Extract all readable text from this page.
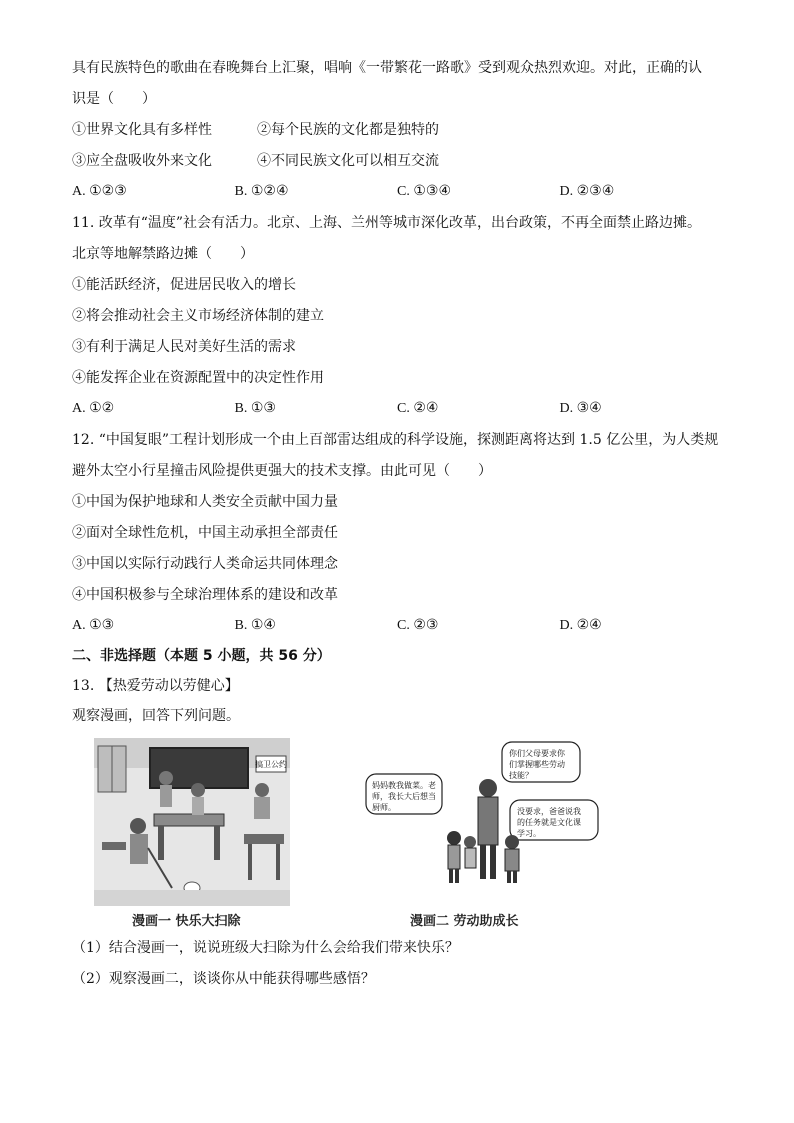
具有民族特色的歌曲在春晚舞台上汇聚，唱响《一带繁花一路歌》受到观众热烈欢迎。对此，正确的认
识是（　　）
①世界文化具有多样性	②每个民族的文化都是独特的
③应全盘吸收外来文化	④不同民族文化可以相互交流
A. ①②③	B. ①②④	C. ①③④	D. ②③④
11. 改革有“温度”社会有活力。北京、上海、兰州等城市深化改革，出台政策，不再全面禁止路边摊。
北京等地解禁路边摊（　　）
①能活跃经济，促进居民收入的增长
②将会推动社会主义市场经济体制的建立
③有利于满足人民对美好生活的需求
④能发挥企业在资源配置中的决定性作用
A. ①②	B. ①③	C. ②④	D. ③④
12. “中国复眼”工程计划形成一个由上百部雷达组成的科学设施，探测距离将达到 1.5 亿公里，为人类规
避外太空小行星撞击风险提供更强大的技术支撑。由此可见（　　）
①中国为保护地球和人类安全贡献中国力量
②面对全球性危机，中国主动承担全部责任
③中国以实际行动践行人类命运共同体理念
④中国积极参与全球治理体系的建设和改革
A. ①③	B. ①④	C. ②③	D. ②④
二、非选择题（本题 5 小题，共 56 分）
13. 【热爱劳动以劳健心】
观察漫画，回答下列问题。
搞卫公约
漫画一 快乐大扫除
妈妈教我做菜。老
师，我长大后想当
厨师。
你们父母要求你
们掌握哪些劳动
技能？
没要求，爸爸说我
的任务就是文化课
学习。
漫画二 劳动助成长
（1）结合漫画一，说说班级大扫除为什么会给我们带来快乐？
（2）观察漫画二，谈谈你从中能获得哪些感悟？
